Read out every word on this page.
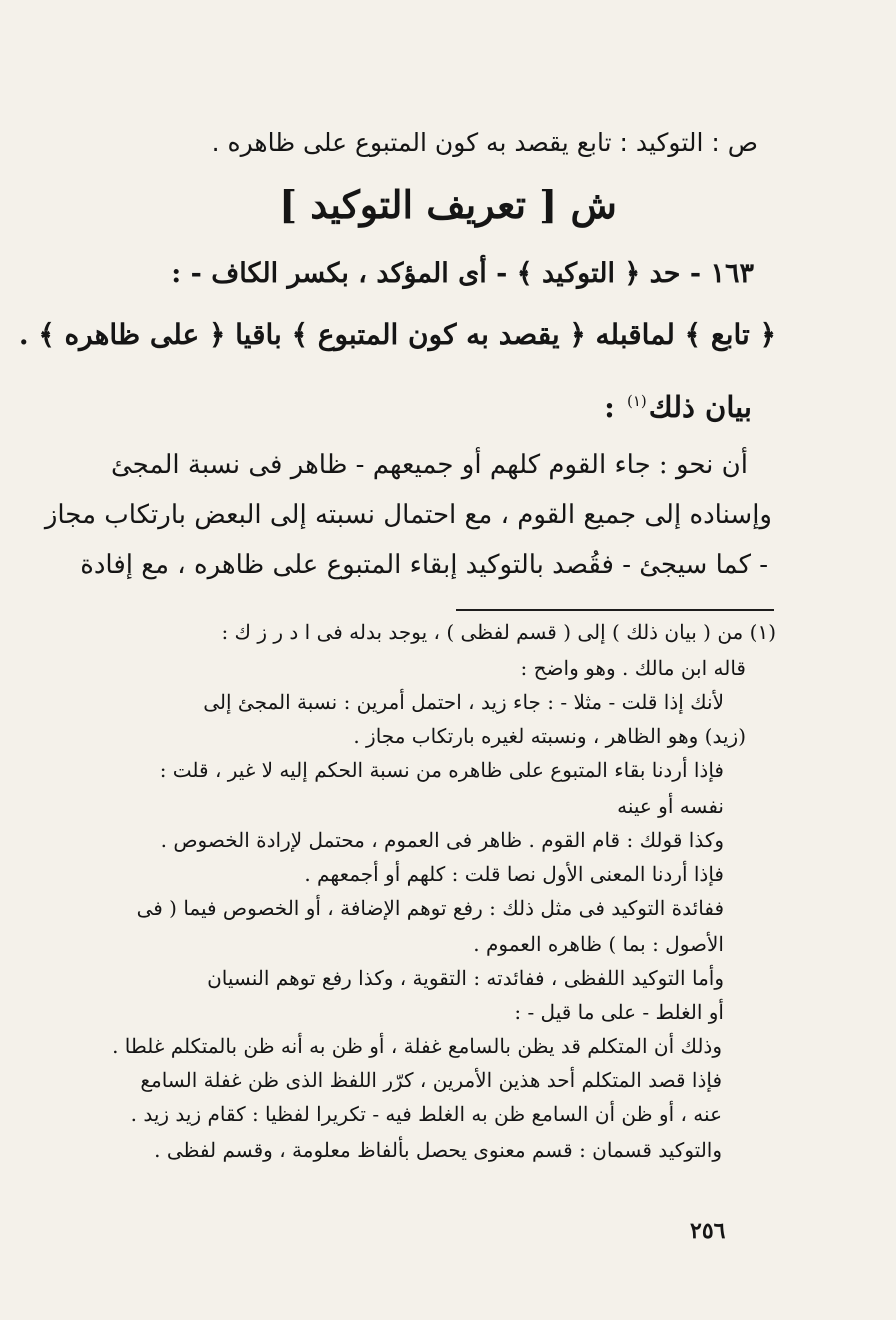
ص : التوكيد : تابع يقصد به كون المتبوع على ظاهره .
ش [ تعريف التوكيد ]
١٦٣ - حد ﴿ التوكيد ﴾ - أى المؤكد ، بكسر الكاف - :
﴿ تابع ﴾ لماقبله ﴿ يقصد به كون المتبوع ﴾ باقيا ﴿ على ظاهره ﴾ .
بيان ذلك$^{(١)}$ :
أن نحو : جاء القوم كلهم أو جميعهم - ظاهر فى نسبة المجئ
وإسناده إلى جميع القوم ، مع احتمال نسبته إلى البعض بارتكاب مجاز
- كما سيجئ - فقُصد بالتوكيد إبقاء المتبوع على ظاهره ، مع إفادة
(١) من ( بيان ذلك ) إلى ( قسم لفظى ) ، يوجد بدله فى ا د ر ز ك :
قاله ابن مالك . وهو واضح :
لأنك إذا قلت - مثلا - : جاء زيد ، احتمل أمرين : نسبة المجئ إلى
(زيد) وهو الظاهر ، ونسبته لغيره بارتكاب مجاز .
فإذا أردنا بقاء المتبوع على ظاهره من نسبة الحكم إليه لا غير ، قلت :
نفسه أو عينه
وكذا قولك : قام القوم . ظاهر فى العموم ، محتمل لإرادة الخصوص .
فإذا أردنا المعنى الأول نصا قلت : كلهم أو أجمعهم .
ففائدة التوكيد فى مثل ذلك : رفع توهم الإضافة ، أو الخصوص فيما ( فى
الأصول : بما ) ظاهره العموم .
وأما التوكيد اللفظى ، ففائدته : التقوية ، وكذا رفع توهم النسيان
أو الغلط - على ما قيل - :
وذلك أن المتكلم قد يظن بالسامع غفلة ، أو ظن به أنه ظن بالمتكلم غلطا .
فإذا قصد المتكلم أحد هذين الأمرين ، كرّر اللفظ الذى ظن غفلة السامع
عنه ، أو ظن أن السامع ظن به الغلط فيه - تكريرا لفظيا : كقام زيد زيد .
والتوكيد قسمان : قسم معنوى يحصل بألفاظ معلومة ، وقسم لفظى .
٢٥٦
